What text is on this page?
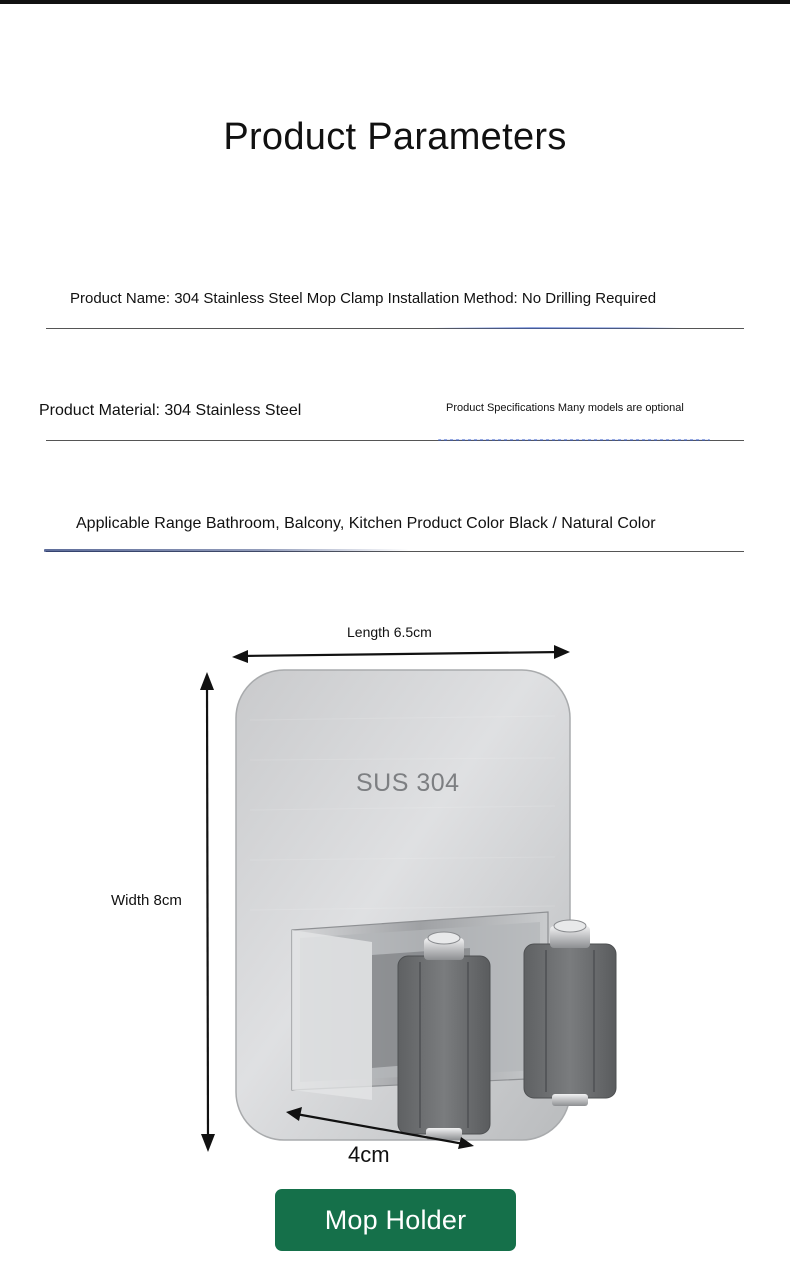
Product Parameters
Product Name: 304 Stainless Steel Mop Clamp Installation Method: No Drilling Required
Product Material: 304 Stainless Steel	Product Specifications Many models are optional
Applicable Range Bathroom, Balcony, Kitchen Product Color Black / Natural Color
SUS 304
Length 6.5cm
Width 8cm
4cm
Mop Holder
